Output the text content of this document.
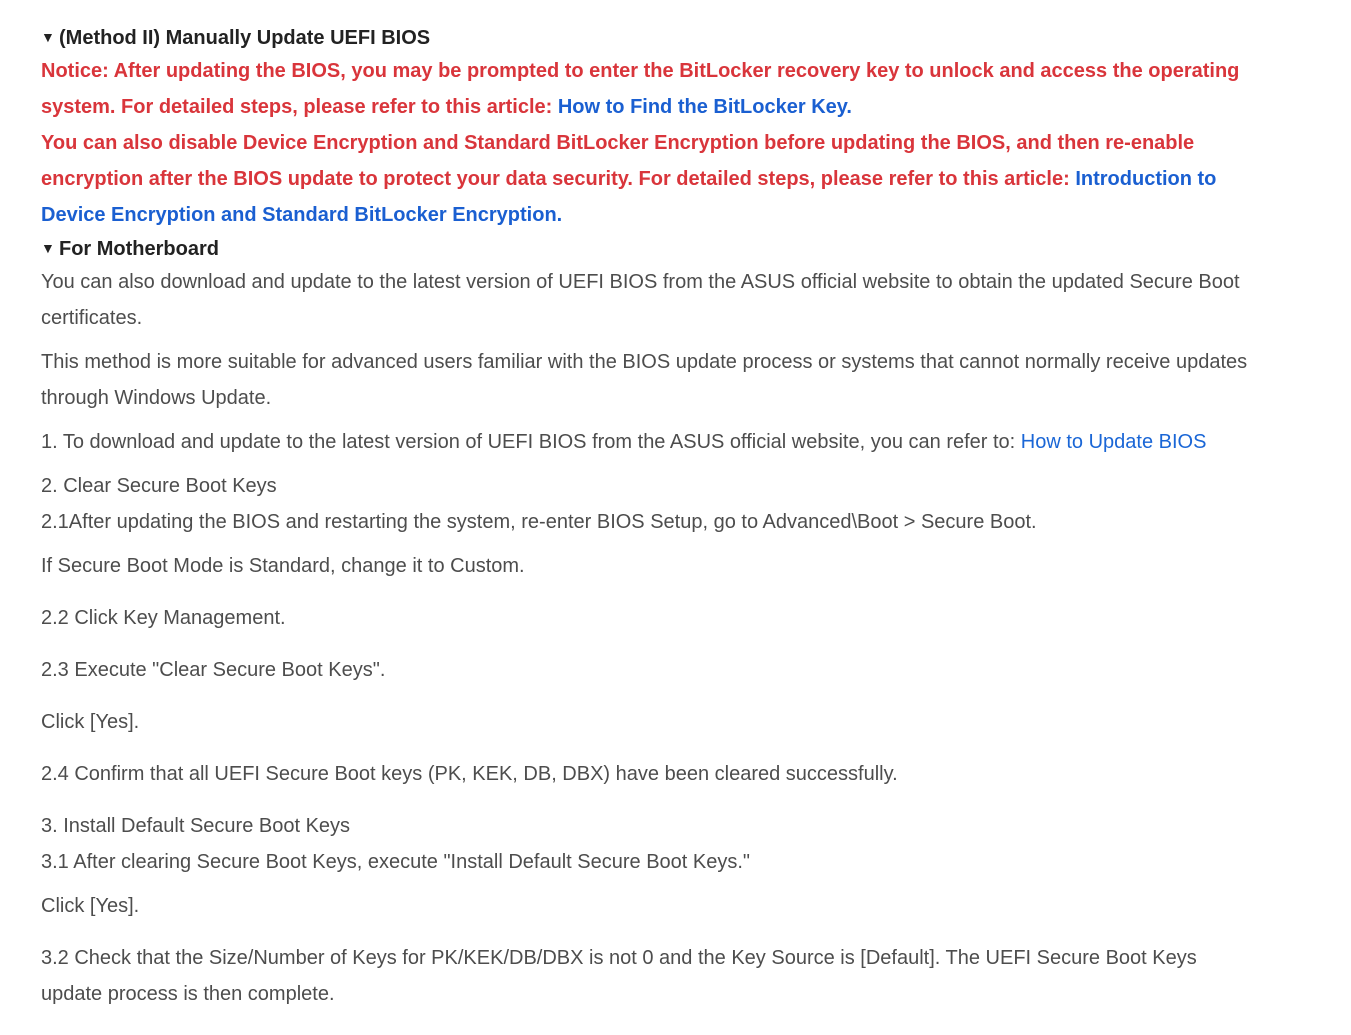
▼ (Method II) Manually Update UEFI BIOS

Notice: After updating the BIOS, you may be prompted to enter the BitLocker recovery key to unlock and access the operating system. For detailed steps, please refer to this article: How to Find the BitLocker Key.

You can also disable Device Encryption and Standard BitLocker Encryption before updating the BIOS, and then re-enable encryption after the BIOS update to protect your data security. For detailed steps, please refer to this article: Introduction to Device Encryption and Standard BitLocker Encryption.

▼ For Motherboard

You can also download and update to the latest version of UEFI BIOS from the ASUS official website to obtain the updated Secure Boot certificates.

This method is more suitable for advanced users familiar with the BIOS update process or systems that cannot normally receive updates through Windows Update.

1. To download and update to the latest version of UEFI BIOS from the ASUS official website, you can refer to: How to Update BIOS

2. Clear Secure Boot Keys

2.1After updating the BIOS and restarting the system, re-enter BIOS Setup, go to Advanced\Boot > Secure Boot.

If Secure Boot Mode is Standard, change it to Custom.

2.2 Click Key Management.

2.3 Execute "Clear Secure Boot Keys".

Click [Yes].

2.4 Confirm that all UEFI Secure Boot keys (PK, KEK, DB, DBX) have been cleared successfully.

3. Install Default Secure Boot Keys

3.1 After clearing Secure Boot Keys, execute "Install Default Secure Boot Keys."

Click [Yes].

3.2 Check that the Size/Number of Keys for PK/KEK/DB/DBX is not 0 and the Key Source is [Default]. The UEFI Secure Boot Keys update process is then complete.
